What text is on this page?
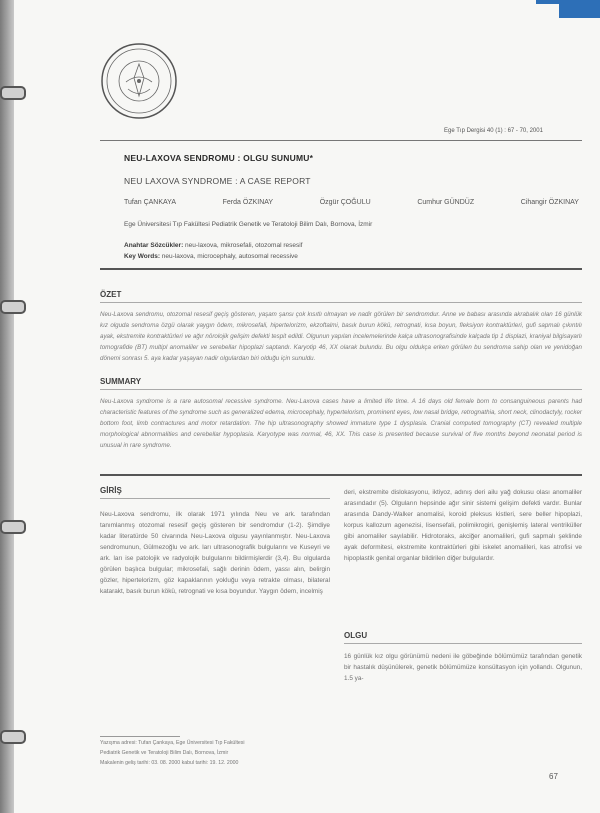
Ege Tıp Dergisi 40 (1) : 67 - 70, 2001
NEU-LAXOVA SENDROMU : OLGU SUNUMU*
NEU LAXOVA SYNDROME : A CASE REPORT
Tufan ÇANKAYA	Ferda ÖZKINAY	Özgür ÇOĞULU	Cumhur GÜNDÜZ	Cihangir ÖZKINAY
Ege Üniversitesi Tıp Fakültesi Pediatrik Genetik ve Teratoloji Bilim Dalı, Bornova, İzmir
Anahtar Sözcükler: neu-laxova, mikrosefali, otozomal resesif
Key Words: neu-laxova, microcephaly, autosomal recessive
ÖZET
Neu-Laxova sendromu, otozomal resesif geçiş gösteren, yaşam şansı çok kısıtlı olmayan ve nadir görülen bir sendromdur. Anne ve babası arasında akrabalık olan 16 günlük kız olguda sendroma özgü olarak yaygın ödem, mikrosefali, hipertelorizm, ekzoftalmi, basık burun kökü, retrognati, kısa boyun, fleksiyon kontraktürleri, gufi sapmalı çıkıntılı ayak, ekstremite kontraktürleri ve ağır nörolojik gelişim defekti tespit edildi. Olgunun yapılan incelemelerinde kalça ultrasonografisinde kalçada tip 1 displazi, kraniyal bilgisayarlı tomografide (BT) multipl anomaliler ve serebellar hipoplazi saptandı. Karyotip 46, XX olarak bulundu. Bu olgu oldukça erken görülen bu sendroma sahip olan ve yenidoğan dönemi sonrası 5. aya kadar yaşayan nadir olgulardan biri olduğu için sunuldu.
SUMMARY
Neu-Laxova syndrome is a rare autosomal recessive syndrome. Neu-Laxova cases have a limited life time. A 16 days old female born to consanguineous parents had characteristic features of the syndrome such as generalized edema, microcephaly, hypertelorism, prominent eyes, low nasal bridge, retrognathia, short neck, clinodactyly, rocker bottom foot, limb contractures and motor retardation. The hip ultrasonography showed immature type 1 dysplasia. Cranial computed tomography (CT) revealed multiple morphological abnormalities and cerebellar hypoplasia. Karyotype was normal, 46, XX. This case is presented because survival of five months beyond neonatal period is unusual in rare syndrome.
GİRİŞ
Neu-Laxova sendromu, ilk olarak 1971 yılında Neu ve ark. tarafından tanımlanmış otozomal resesif geçiş gösteren bir sendromdur (1-2). Şimdiye kadar literatürde 50 civarında Neu-Laxova olgusu yayınlanmıştır. Neu-Laxova sendromunun, Gülmezoğlu ve ark. ları ultrasonografik bulgularını ve Kuseyri ve ark. ları ise patolojik ve radyolojik bulgularını bildirmişlerdir (3,4). Bu olgularda görülen başlıca bulgular; mikrosefali, sağlı derinin ödem, yassı alın, belirgin gözler, hipertelorizm, göz kapaklarının yokluğu veya retrakte olması, bilateral katarakt, basık burun kökü, retrognati ve kısa boyundur. Yaygın ödem, incelmiş
deri, ekstremite dislokasyonu, iktiyoz, adınış deri ailu yağ dokusu olası anomaliler arasındadır (5). Olguların hepsinde ağır sinir sistemi gelişim defekti vardır. Bunlar arasında Dandy-Walker anomalisi, koroid pleksus kistleri, sere beller hipoplazi, korpus kallozum agenezisi, lisensefali, polimikrogiri, genişlemiş lateral ventriküller gibi anomaliler sayılabilir. Hidrotoraks, akciğer anomalileri, gufi sapmalı şeklinde ayak deformitesi, ekstremite kontraktürleri gibi iskelet anomalileri, kas atrofisi ve hipoplastik genital organlar bildirilen diğer bulgulardır.
OLGU
16 günlük kız olgu görünümü nedeni ile göbeğinde bölümümüz tarafından genetik bir hastalık düşünülerek, genetik bölümümüze konsültasyon için yollandı. Olgunun, 1.5 ya-
Yazışma adresi: Tufan Çankaya, Ege Üniversitesi Tıp Fakültesi
Pediatrik Genetik ve Teratoloji Bilim Dalı, Bornova, İzmir
Makalenin geliş tarihi: 03. 08. 2000 kabul tarihi: 19. 12. 2000
67
